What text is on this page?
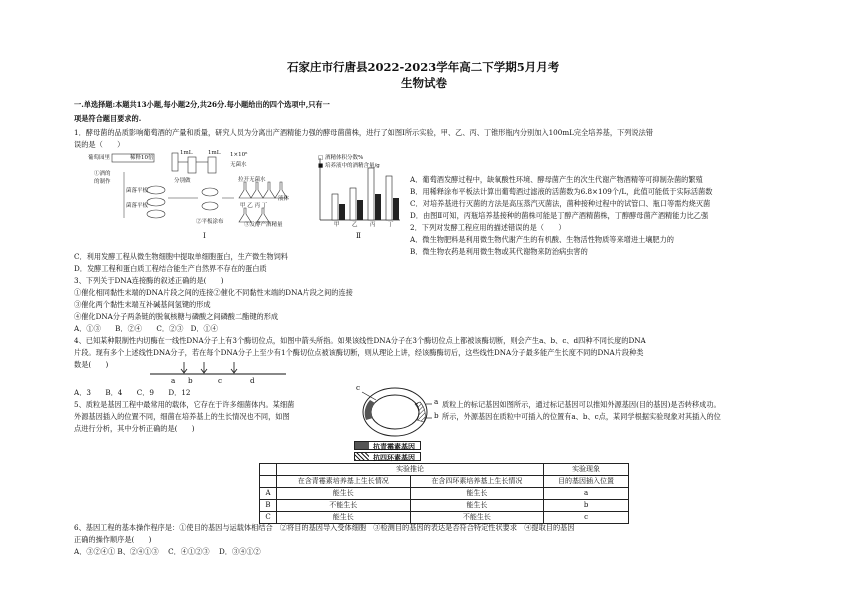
石家庄市行唐县2022-2023学年高二下学期5月月考
生物试卷
一.单选择题:本题共13小题,每小题2分,共26分.每小题给出的四个选项中,只有一
项是符合题目要求的.
1．酵母菌的品质影响葡萄酒的产量和质量，研究人员为分离出产酒精能力强的酵母菌菌株，进行了如图Ⅰ所示实验，甲、乙、丙、丁锥形瓶内分别加入100mL完全培养基，下列说法错
误的是（　　）
葡萄园里
①酒的
的制作
稀释10倍
1mL	1mL 1×10⁶
分别做
无菌水
菌落平板
菌落平板
②平板涂布
拉开无菌水
液体
甲 乙 丙 丁
③发酵产酒精量
Ⅰ
□ 酒精体积分数%
■ 培养液中的酒精含量/g
甲 乙 丙 丁
Ⅱ
A．葡萄酒发酵过程中，缺氧酸性环境、酵母菌产生的次生代谢产物酒精等可抑制杂菌的繁殖
B．用稀释涂布平板法计算出葡萄酒过滤液的活菌数为6.8×109个/L，此值可能低于实际活菌数
C．对培养基进行灭菌的方法是高压蒸汽灭菌法，菌种接种过程中的试管口、瓶口等需灼烧灭菌
D．由图Ⅱ可知，丙瓶培养基接种的菌株可能是丁醇产酒精菌株，丁醇酵母菌产酒精能力比乙强
2．下列对发酵工程应用的描述错误的是（　　）
A．微生物肥料是利用微生物代谢产生的有机酸、生物活性物质等来增进土壤肥力的
B．微生物农药是利用微生物或其代谢物来防治病虫害的
C．利用发酵工程从微生物细胞中提取单细胞蛋白，生产微生物饲料
D．发酵工程和蛋白质工程结合能生产自然界不存在的蛋白质
3、下列关于DNA连接酶的叙述正确的是(　　)
①催化相同黏性末端的DNA片段之间的连接②催化不同黏性末端的DNA片段之间的连接
③催化两个黏性末端互补碱基间氢键的形成
④催化DNA分子两条链的脱氧核糖与磷酸之间磷酸二酯键的形成
A．①③　　B．②④　　C．②③　D．①④
4、已知某种限制性内切酶在一线性DNA分子上有3个酶切位点，如图中箭头所指。如果该线性DNA分子在3个酶切位点上都被该酶切断，则会产生a、b、c、d四种不同长度的DNA
片段。现有多个上述线性DNA分子，若在每个DNA分子上至少有1个酶切位点被该酶切断，则从理论上讲，经该酶酶切后，这些线性DNA分子最多能产生长度不同的DNA片段种类
数是(　　)
a b	c	d
A．3　　B．4　　C．9　　D．12
5、质粒是基因工程中最常用的载体，它存在于许多细菌体内。某细菌
外源基因插入的位置不同，细菌在培养基上的生长情况也不同，如图
点进行分析，其中分析正确的是(　　)
c
a
b
质粒上的标记基因如图所示，通过标记基因可以推知外源基因(目的基因)是否转移成功。
所示，外源基因在质粒中可插入的位置有a、b、c点，某同学根据实验现象对其插入的位
抗青霉素基因
抗四环素基因
	实验推论		实验现象
	在含青霉素培养基上生长情况	在含四环素培养基上生长情况	目的基因插入位置
A	能生长	能生长	a
B	不能生长	能生长	b
C	能生长	不能生长	c
6、基因工程的基本操作程序是：①使目的基因与运载体相结合　②将目的基因导入受体细胞　③检测目的基因的表达是否符合特定性状要求　④提取目的基因
正确的操作顺序是(　　)
A．③②④① B、②④①③　 C．④①②③　 D．③④①②
